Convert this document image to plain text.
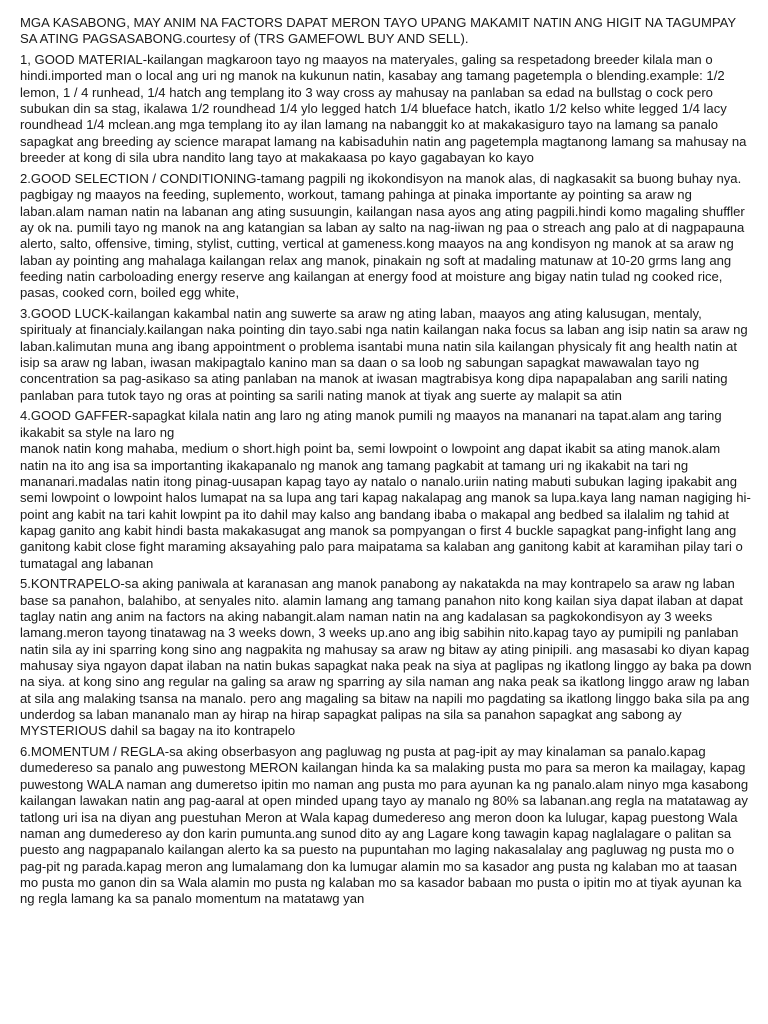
MGA KASABONG, MAY ANIM NA FACTORS DAPAT MERON TAYO UPANG MAKAMIT NATIN ANG HIGIT NA TAGUMPAY SA ATING PAGSASABONG.courtesy of (TRS GAMEFOWL BUY AND SELL).

1, GOOD MATERIAL-kailangan magkaroon tayo ng maayos na materyales, galing sa respetadong breeder kilala man o hindi.imported man o local ang uri ng manok na kukunun natin, kasabay ang tamang pagetempla o blending.example: 1/2 lemon, 1 / 4 runhead, 1/4 hatch ang templang ito 3 way cross ay mahusay na panlaban sa edad na bullstag o cock pero subukan din sa stag, ikalawa 1/2 roundhead 1/4 ylo legged hatch 1/4 blueface hatch, ikatlo 1/2 kelso white legged 1/4 lacy roundhead 1/4 mclean.ang mga templang ito ay ilan lamang na nabanggit ko at makakasiguro tayo na lamang sa panalo sapagkat ang breeding ay science marapat lamang na kabisaduhin natin ang pagetempla magtanong lamang sa mahusay na breeder at kong di sila ubra nandito lang tayo at makakaasa po kayo gagabayan ko kayo

2.GOOD SELECTION / CONDITIONING-tamang pagpili ng ikokondisyon na manok alas, di nagkasakit sa buong buhay nya. pagbigay ng maayos na feeding, suplemento, workout, tamang pahinga at pinaka importante ay pointing sa araw ng laban.alam naman natin na labanan ang ating susuungin, kailangan nasa ayos ang ating pagpili.hindi komo magaling shuffler ay ok na. pumili tayo ng manok na ang katangian sa laban ay salto na nag-iiwan ng paa o streach ang palo at di nagpapauna alerto, salto, offensive, timing, stylist, cutting, vertical at gameness.kong maayos na ang kondisyon ng manok at sa araw ng laban ay pointing ang mahalaga kailangan relax ang manok, pinakain ng soft at madaling matunaw at 10-20 grms lang ang feeding natin carboloading energy reserve ang kailangan at energy food at moisture ang bigay natin tulad ng cooked rice, pasas, cooked corn, boiled egg white,

3.GOOD LUCK-kailangan kakambal natin ang suwerte sa araw ng ating laban, maayos ang ating kalusugan, mentaly, spiritualy at financialy.kailangan naka pointing din tayo.sabi nga natin kailangan naka focus sa laban ang isip natin sa araw ng laban.kalimutan muna ang ibang appointment o problema isantabi muna natin sila kailangan physicaly fit ang health natin at isip sa araw ng laban, iwasan makipagtalo kanino man sa daan o sa loob ng sabungan sapagkat mawawalan tayo ng concentration sa pag-asikaso sa ating panlaban na manok at iwasan magtrabisya kong dipa napapalaban ang sarili nating panlaban para tutok tayo ng oras at pointing sa sarili nating manok at tiyak ang suerte ay malapit sa atin

4.GOOD GAFFER-sapagkat kilala natin ang laro ng ating manok pumili ng maayos na mananari na tapat.alam ang taring ikakabit sa style na laro ng
manok natin kong mahaba, medium o short.high point ba, semi lowpoint o lowpoint ang dapat ikabit sa ating manok.alam natin na ito ang isa sa importanting ikakapanalo ng manok ang tamang pagkabit at tamang uri ng ikakabit na tari ng mananari.madalas natin itong pinag-uusapan kapag tayo ay natalo o nanalo.uriin nating mabuti subukan laging ipakabit ang semi lowpoint o lowpoint halos lumapat na sa lupa ang tari kapag nakalapag ang manok sa lupa.kaya lang naman nagiging hi-point ang kabit na tari kahit lowpint pa ito dahil may kalso ang bandang ibaba o makapal ang bedbed sa ilalalim ng tahid at kapag ganito ang kabit hindi basta makakasugat ang manok sa pompyangan o first 4 buckle sapagkat pang-infight lang ang ganitong kabit close fight maraming aksayahing palo para maipatama sa kalaban ang ganitong kabit at karamihan pilay tari o tumatagal ang labanan

5.KONTRAPELO-sa aking paniwala at karanasan ang manok panabong ay nakatakda na may kontrapelo sa araw ng laban base sa panahon, balahibo, at senyales nito. alamin lamang ang tamang panahon nito kong kailan siya dapat ilaban at dapat taglay natin ang anim na factors na aking nabangit.alam naman natin na ang kadalasan sa pagkokondisyon ay 3 weeks lamang.meron tayong tinatawag na 3 weeks down, 3 weeks up.ano ang ibig sabihin nito.kapag tayo ay pumipili ng panlaban natin sila ay ini sparring kong sino ang nagpakita ng mahusay sa araw ng bitaw ay ating pinipili. ang masasabi ko diyan kapag mahusay siya ngayon dapat ilaban na natin bukas sapagkat naka peak na siya at paglipas ng ikatlong linggo ay baka pa down na siya. at kong sino ang regular na galing sa araw ng sparring ay sila naman ang naka peak sa ikatlong linggo araw ng laban at sila ang malaking tsansa na manalo. pero ang magaling sa bitaw na napili mo pagdating sa ikatlong linggo baka sila pa ang underdog sa laban mananalo man ay hirap na hirap sapagkat palipas na sila sa panahon sapagkat ang sabong ay MYSTERIOUS dahil sa bagay na ito kontrapelo

6.MOMENTUM / REGLA-sa aking obserbasyon ang pagluwag ng pusta at pag-ipit ay may kinalaman sa panalo.kapag dumedereso sa panalo ang puwestong MERON kailangan hinda ka sa malaking pusta mo para sa meron ka mailagay, kapag puwestong WALA naman ang dumeretso ipitin mo naman ang pusta mo para ayunan ka ng panalo.alam ninyo mga kasabong kailangan lawakan natin ang pag-aaral at open minded upang tayo ay manalo ng 80% sa labanan.ang regla na matatawag ay tatlong uri isa na diyan ang puestuhan Meron at Wala kapag dumedereso ang meron doon ka lulugar, kapag puestong Wala naman ang dumedereso ay don karin pumunta.ang sunod dito ay ang Lagare kong tawagin kapag naglalagare o palitan sa puesto ang nagpapanalo kailangan alerto ka sa puesto na pupuntahan mo laging nakasalalay ang pagluwag ng pusta mo o pag-pit ng parada.kapag meron ang lumalamang don ka lumugar alamin mo sa kasador ang pusta ng kalaban mo at taasan mo pusta mo ganon din sa Wala alamin mo pusta ng kalaban mo sa kasador babaan mo pusta o ipitin mo at tiyak ayunan ka ng regla lamang ka sa panalo momentum na matatawg yan
